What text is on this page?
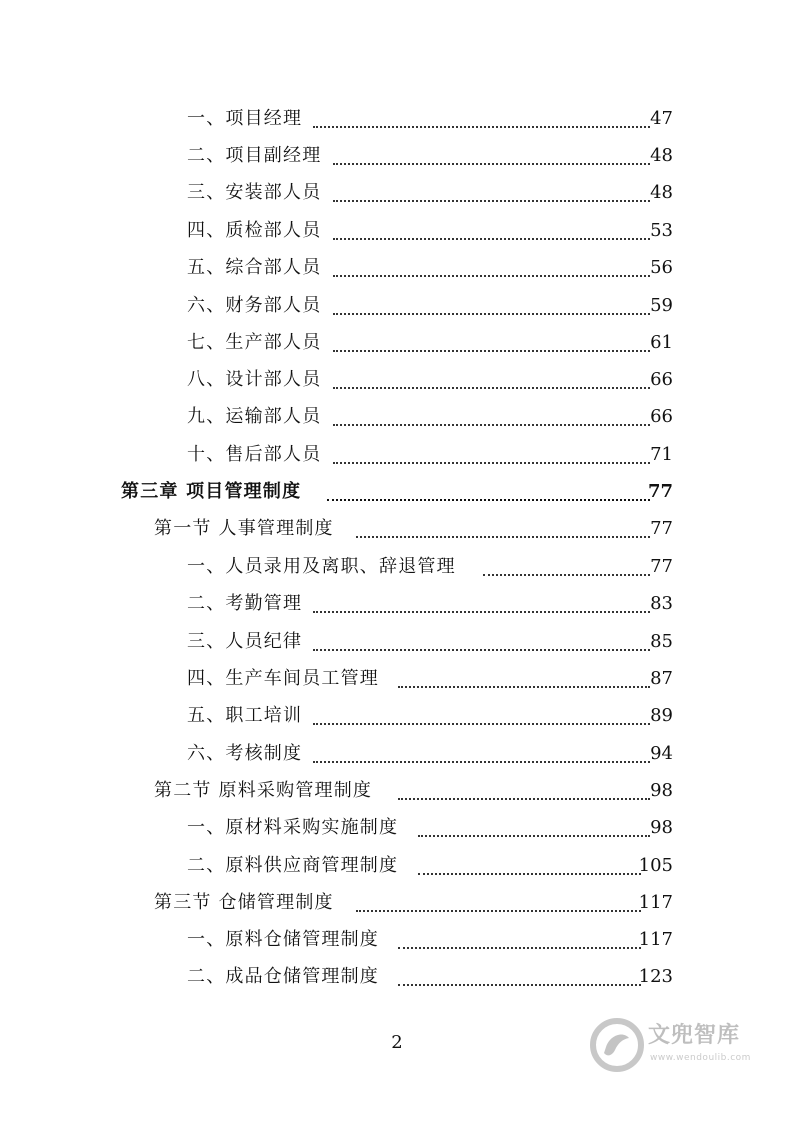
一、项目经理	47
二、项目副经理	48
三、安装部人员	48
四、质检部人员	53
五、综合部人员	56
六、财务部人员	59
七、生产部人员	61
八、设计部人员	66
九、运输部人员	66
十、售后部人员	71
第三章 项目管理制度	77
第一节 人事管理制度	77
一、人员录用及离职、辞退管理	77
二、考勤管理	83
三、人员纪律	85
四、生产车间员工管理	87
五、职工培训	89
六、考核制度	94
第二节 原料采购管理制度	98
一、原材料采购实施制度	98
二、原料供应商管理制度	105
第三节 仓储管理制度	117
一、原料仓储管理制度	117
二、成品仓储管理制度	123
2	文兜智库
www.wendoulib.com
